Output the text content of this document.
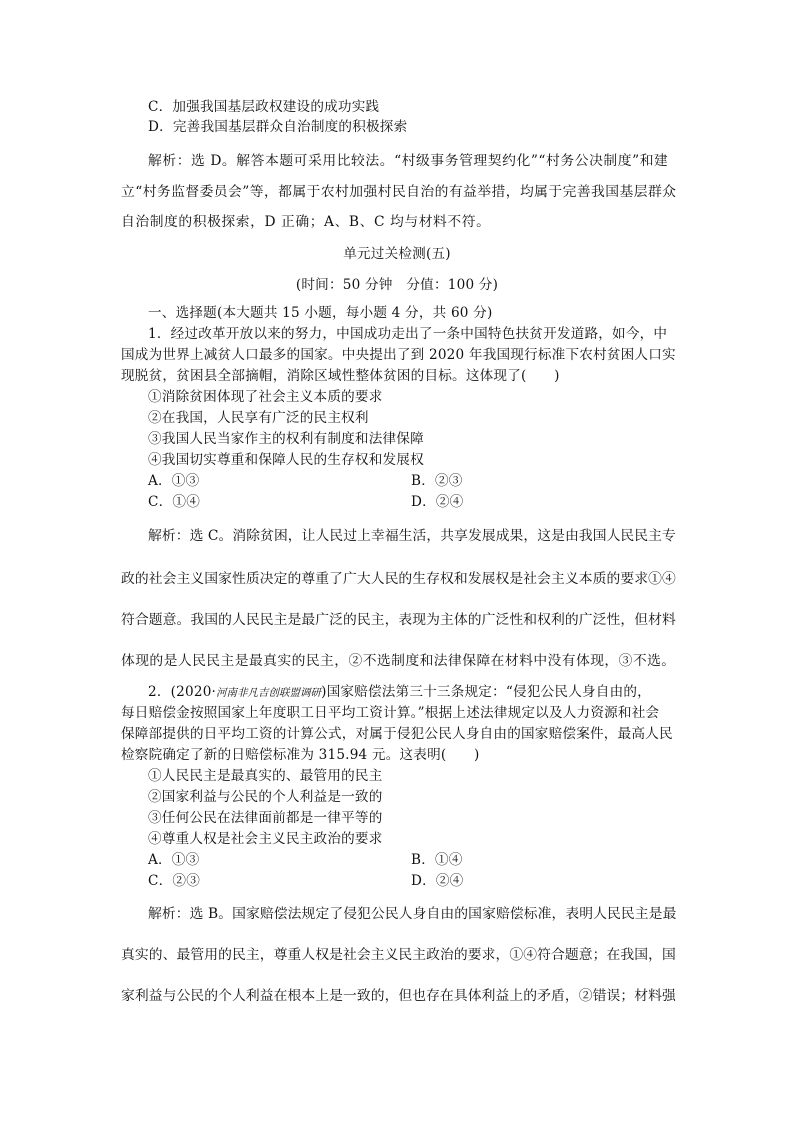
C．加强我国基层政权建设的成功实践
D．完善我国基层群众自治制度的积极探索
解析：选 D。解答本题可采用比较法。“村级事务管理契约化”“村务公决制度”和建
立“村务监督委员会”等，都属于农村加强村民自治的有益举措，均属于完善我国基层群众
自治制度的积极探索，D 正确；A、B、C 均与材料不符。
单元过关检测(五)
(时间：50 分钟　分值：100 分)
一、选择题(本大题共 15 小题，每小题 4 分，共 60 分)
1．经过改革开放以来的努力，中国成功走出了一条中国特色扶贫开发道路，如今，中
国成为世界上减贫人口最多的国家。中央提出了到 2020 年我国现行标准下农村贫困人口实
现脱贫，贫困县全部摘帽，消除区域性整体贫困的目标。这体现了(　　)
①消除贫困体现了社会主义本质的要求
②在我国，人民享有广泛的民主权利
③我国人民当家作主的权利有制度和法律保障
④我国切实尊重和保障人民的生存权和发展权
A．①③	B．②③
C．①④	D．②④
解析：选 C。消除贫困，让人民过上幸福生活，共享发展成果，这是由我国人民民主专
政的社会主义国家性质决定的尊重了广大人民的生存权和发展权是社会主义本质的要求①④
符合题意。我国的人民民主是最广泛的民主，表现为主体的广泛性和权利的广泛性，但材料
体现的是人民民主是最真实的民主，②不选制度和法律保障在材料中没有体现，③不选。
2．(2020·河南非凡吉创联盟调研)国家赔偿法第三十三条规定：“侵犯公民人身自由的，
每日赔偿金按照国家上年度职工日平均工资计算。”根据上述法律规定以及人力资源和社会
保障部提供的日平均工资的计算公式，对属于侵犯公民人身自由的国家赔偿案件，最高人民
检察院确定了新的日赔偿标准为 315.94 元。这表明(　　)
①人民民主是最真实的、最管用的民主
②国家利益与公民的个人利益是一致的
③任何公民在法律面前都是一律平等的
④尊重人权是社会主义民主政治的要求
A．①③	B．①④
C．②③	D．②④
解析：选 B。国家赔偿法规定了侵犯公民人身自由的国家赔偿标准，表明人民民主是最
真实的、最管用的民主，尊重人权是社会主义民主政治的要求，①④符合题意；在我国，国
家利益与公民的个人利益在根本上是一致的，但也存在具体利益上的矛盾，②错误；材料强
